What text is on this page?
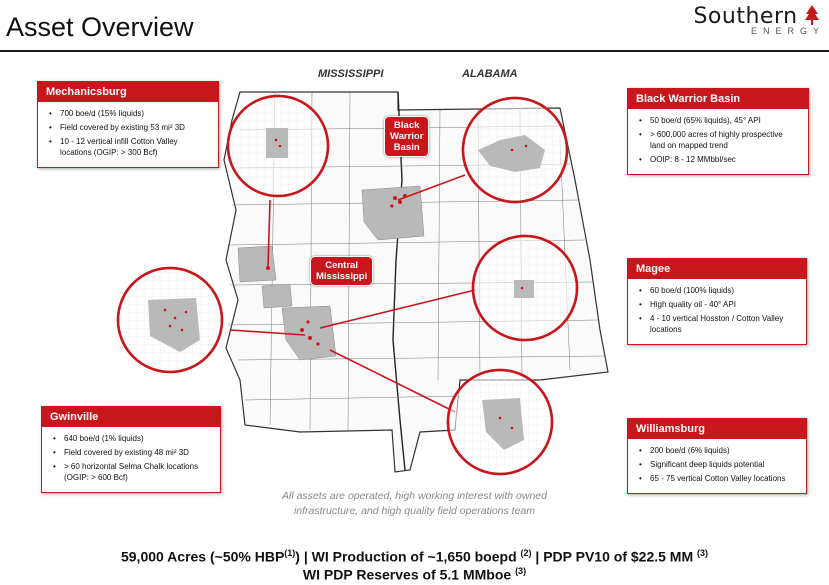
Asset Overview	Southern
ENERGY
MISSISSIPPI	ALABAMA
Black
Warrior
Basin
Central
Mississippi
Mechanicsburg
• 700 boe/d (15% liquids)
• Field covered by existing 53 mi² 3D
• 10 - 12 vertical infill Cotton Valley locations (OGIP: > 300 Bcf)
Black Warrior Basin
• 50 boe/d (65% liquids), 45° API
• > 600,000 acres of highly prospective land on mapped trend
• OOIP: 8 - 12 MMbbl/sec
Magee
• 60 boe/d (100% liquids)
• High quality oil - 40° API
• 4 - 10 vertical Hosston / Cotton Valley locations
Gwinville
• 640 boe/d (1% liquids)
• Field covered by existing 48 mi² 3D
• > 60 horizontal Selma Chalk locations (OGIP: > 600 Bcf)
Williamsburg
• 200 boe/d (6% liquids)
• Significant deep liquids potential
• 65 - 75 vertical Cotton Valley locations
All assets are operated, high working interest with owned
infrastructure, and high quality field operations team
59,000 Acres (~50% HBP$^{(1)}$) | WI Production of ~1,650 boepd $^{(2)}$ | PDP PV10 of $22.5 MM $^{(3)}$
WI PDP Reserves of 5.1 MMboe $^{(3)}$
